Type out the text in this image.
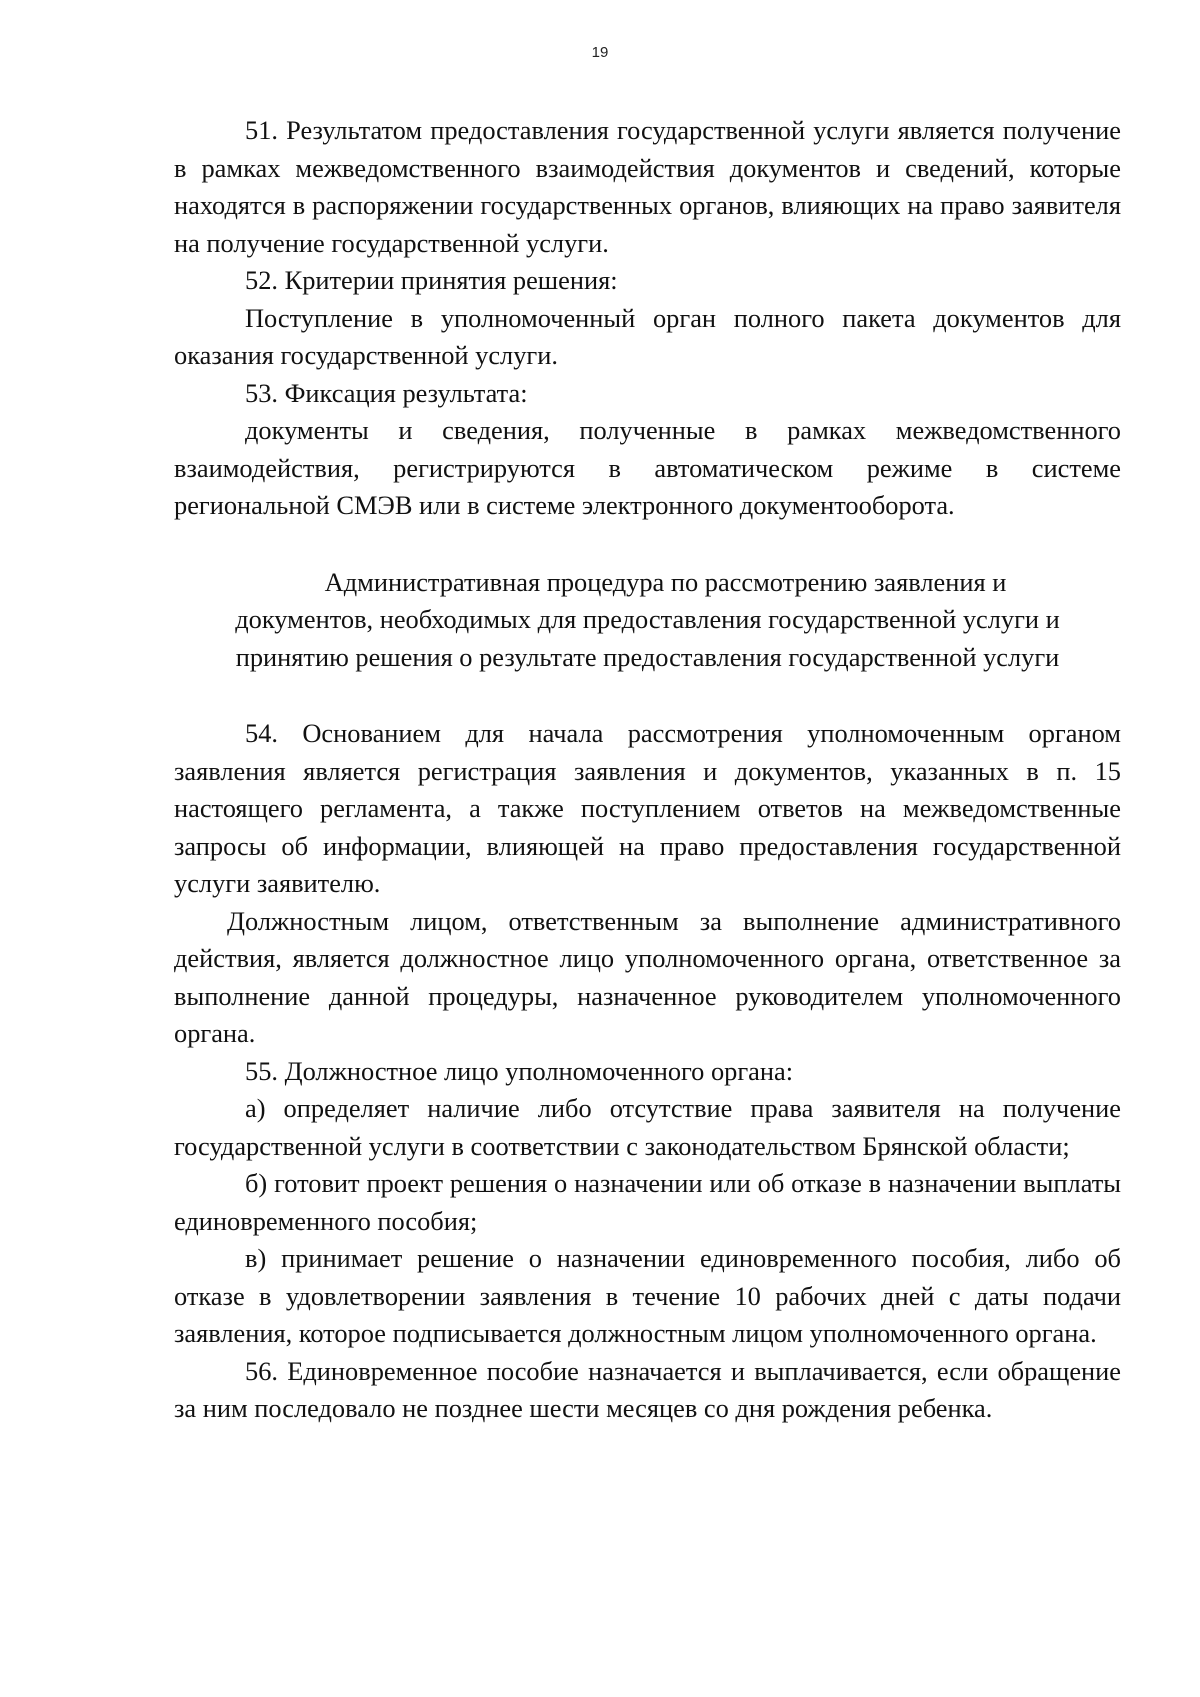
19

51. Результатом предоставления государственной услуги является получение в рамках межведомственного взаимодействия документов и сведений, которые находятся в распоряжении государственных органов, влияющих на право заявителя на получение государственной услуги.

52. Критерии принятия решения:

Поступление в уполномоченный орган полного пакета документов для оказания государственной услуги.

53. Фиксация результата:

документы и сведения, полученные в рамках межведомственного взаимодействия, регистрируются в автоматическом режиме в системе региональной СМЭВ или в системе электронного документооборота.

Административная процедура по рассмотрению заявления и
документов, необходимых для предоставления государственной услуги и
принятию решения о результате предоставления государственной услуги

54. Основанием для начала рассмотрения уполномоченным органом заявления является регистрация заявления и документов, указанных в п. 15 настоящего регламента, а также поступлением ответов на межведомственные запросы об информации, влияющей на право предоставления государственной услуги заявителю.

Должностным лицом, ответственным за выполнение административного действия, является должностное лицо уполномоченного органа, ответственное за выполнение данной процедуры, назначенное руководителем уполномоченного органа.

55. Должностное лицо уполномоченного органа:

а) определяет наличие либо отсутствие права заявителя на получение государственной услуги в соответствии с законодательством Брянской области;

б) готовит проект решения о назначении или об отказе в назначении выплаты единовременного пособия;

в) принимает решение о назначении единовременного пособия, либо об отказе в удовлетворении заявления в течение 10 рабочих дней с даты подачи заявления, которое подписывается должностным лицом уполномоченного органа.

56. Единовременное пособие назначается и выплачивается, если обращение за ним последовало не позднее шести месяцев со дня рождения ребенка.
